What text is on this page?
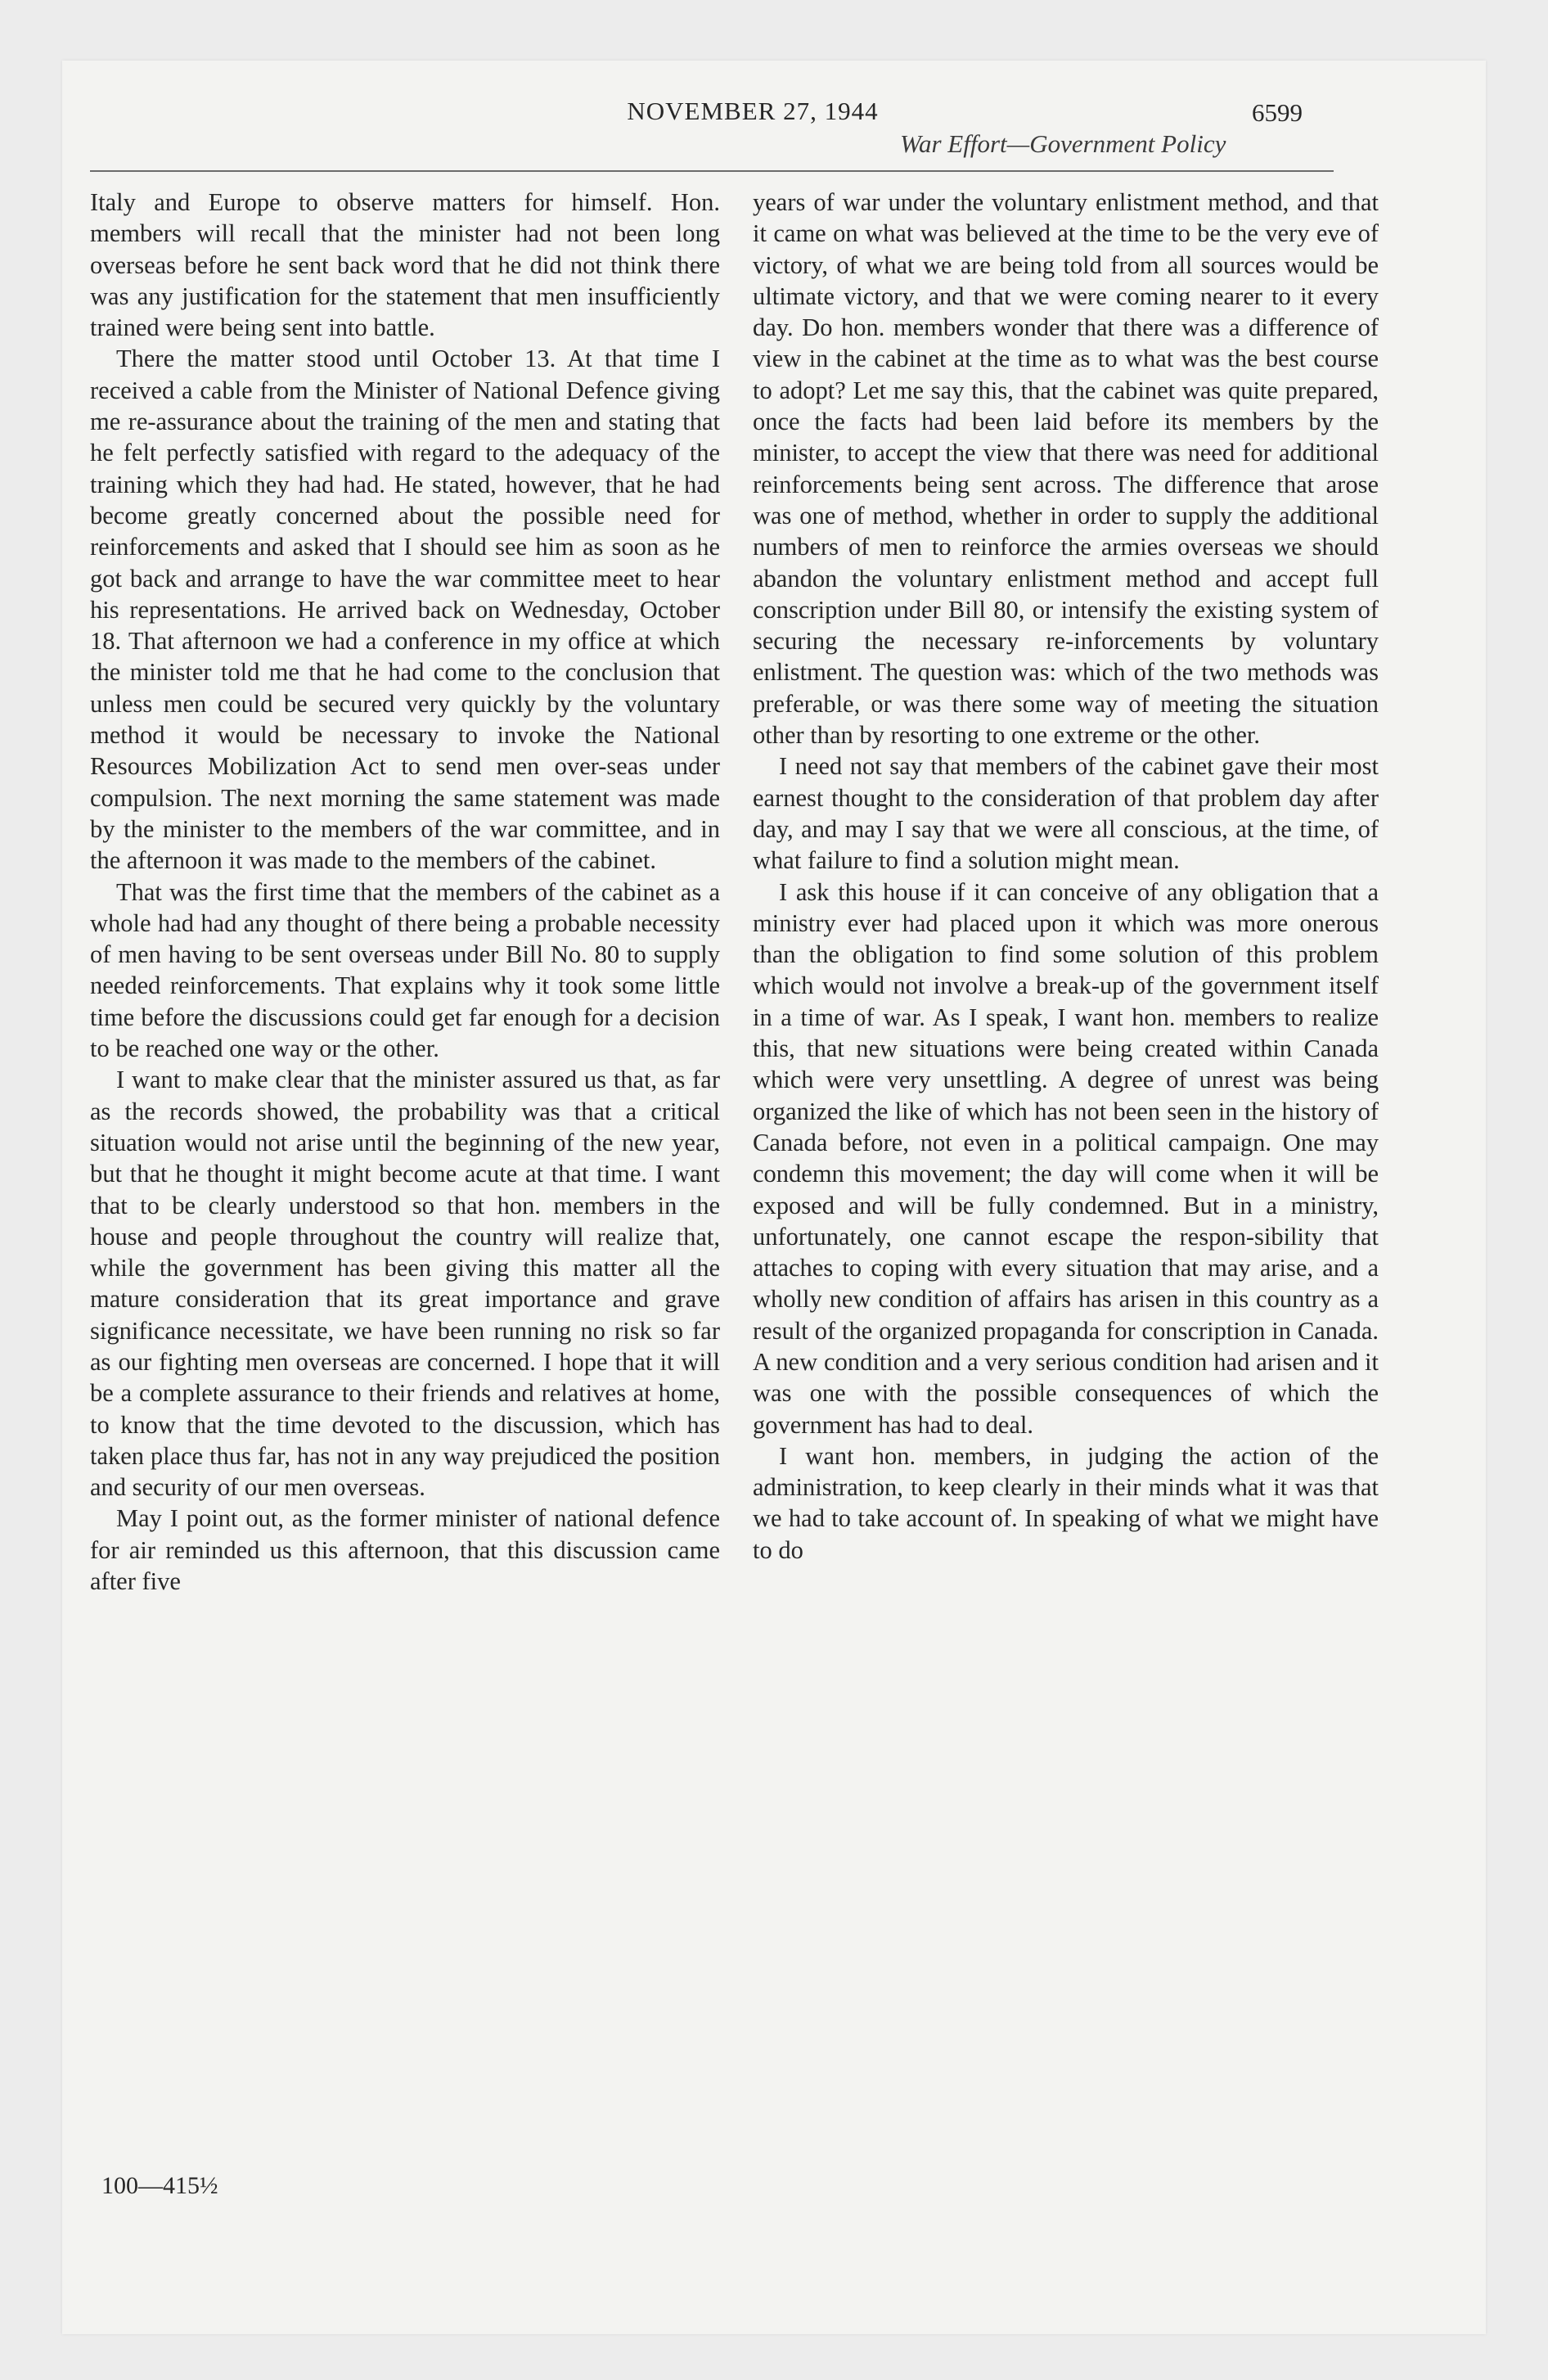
NOVEMBER 27, 1944	6599
War Effort—Government Policy

Italy and Europe to observe matters for himself. Hon. members will recall that the minister had not been long overseas before he sent back word that he did not think there was any justification for the statement that men insufficiently trained were being sent into battle.

There the matter stood until October 13. At that time I received a cable from the Minister of National Defence giving me re-assurance about the training of the men and stating that he felt perfectly satisfied with regard to the adequacy of the training which they had had. He stated, however, that he had become greatly concerned about the possible need for reinforcements and asked that I should see him as soon as he got back and arrange to have the war committee meet to hear his representations. He arrived back on Wednesday, October 18. That afternoon we had a conference in my office at which the minister told me that he had come to the conclusion that unless men could be secured very quickly by the voluntary method it would be necessary to invoke the National Resources Mobilization Act to send men over-seas under compulsion. The next morning the same statement was made by the minister to the members of the war committee, and in the afternoon it was made to the members of the cabinet.

That was the first time that the members of the cabinet as a whole had had any thought of there being a probable necessity of men having to be sent overseas under Bill No. 80 to supply needed reinforcements. That explains why it took some little time before the discussions could get far enough for a decision to be reached one way or the other.

I want to make clear that the minister assured us that, as far as the records showed, the probability was that a critical situation would not arise until the beginning of the new year, but that he thought it might become acute at that time. I want that to be clearly understood so that hon. members in the house and people throughout the country will realize that, while the government has been giving this matter all the mature consideration that its great importance and grave significance necessitate, we have been running no risk so far as our fighting men overseas are concerned. I hope that it will be a complete assurance to their friends and relatives at home, to know that the time devoted to the discussion, which has taken place thus far, has not in any way prejudiced the position and security of our men overseas.

May I point out, as the former minister of national defence for air reminded us this afternoon, that this discussion came after five

years of war under the voluntary enlistment method, and that it came on what was believed at the time to be the very eve of victory, of what we are being told from all sources would be ultimate victory, and that we were coming nearer to it every day. Do hon. members wonder that there was a difference of view in the cabinet at the time as to what was the best course to adopt? Let me say this, that the cabinet was quite prepared, once the facts had been laid before its members by the minister, to accept the view that there was need for additional reinforcements being sent across. The difference that arose was one of method, whether in order to supply the additional numbers of men to reinforce the armies overseas we should abandon the voluntary enlistment method and accept full conscription under Bill 80, or intensify the existing system of securing the necessary re-inforcements by voluntary enlistment. The question was: which of the two methods was preferable, or was there some way of meeting the situation other than by resorting to one extreme or the other.

I need not say that members of the cabinet gave their most earnest thought to the consideration of that problem day after day, and may I say that we were all conscious, at the time, of what failure to find a solution might mean.

I ask this house if it can conceive of any obligation that a ministry ever had placed upon it which was more onerous than the obligation to find some solution of this problem which would not involve a break-up of the government itself in a time of war. As I speak, I want hon. members to realize this, that new situations were being created within Canada which were very unsettling. A degree of unrest was being organized the like of which has not been seen in the history of Canada before, not even in a political campaign. One may condemn this movement; the day will come when it will be exposed and will be fully condemned. But in a ministry, unfortunately, one cannot escape the respon-sibility that attaches to coping with every situation that may arise, and a wholly new condition of affairs has arisen in this country as a result of the organized propaganda for conscription in Canada. A new condition and a very serious condition had arisen and it was one with the possible consequences of which the government has had to deal.

I want hon. members, in judging the action of the administration, to keep clearly in their minds what it was that we had to take account of. In speaking of what we might have to do

100—415½
